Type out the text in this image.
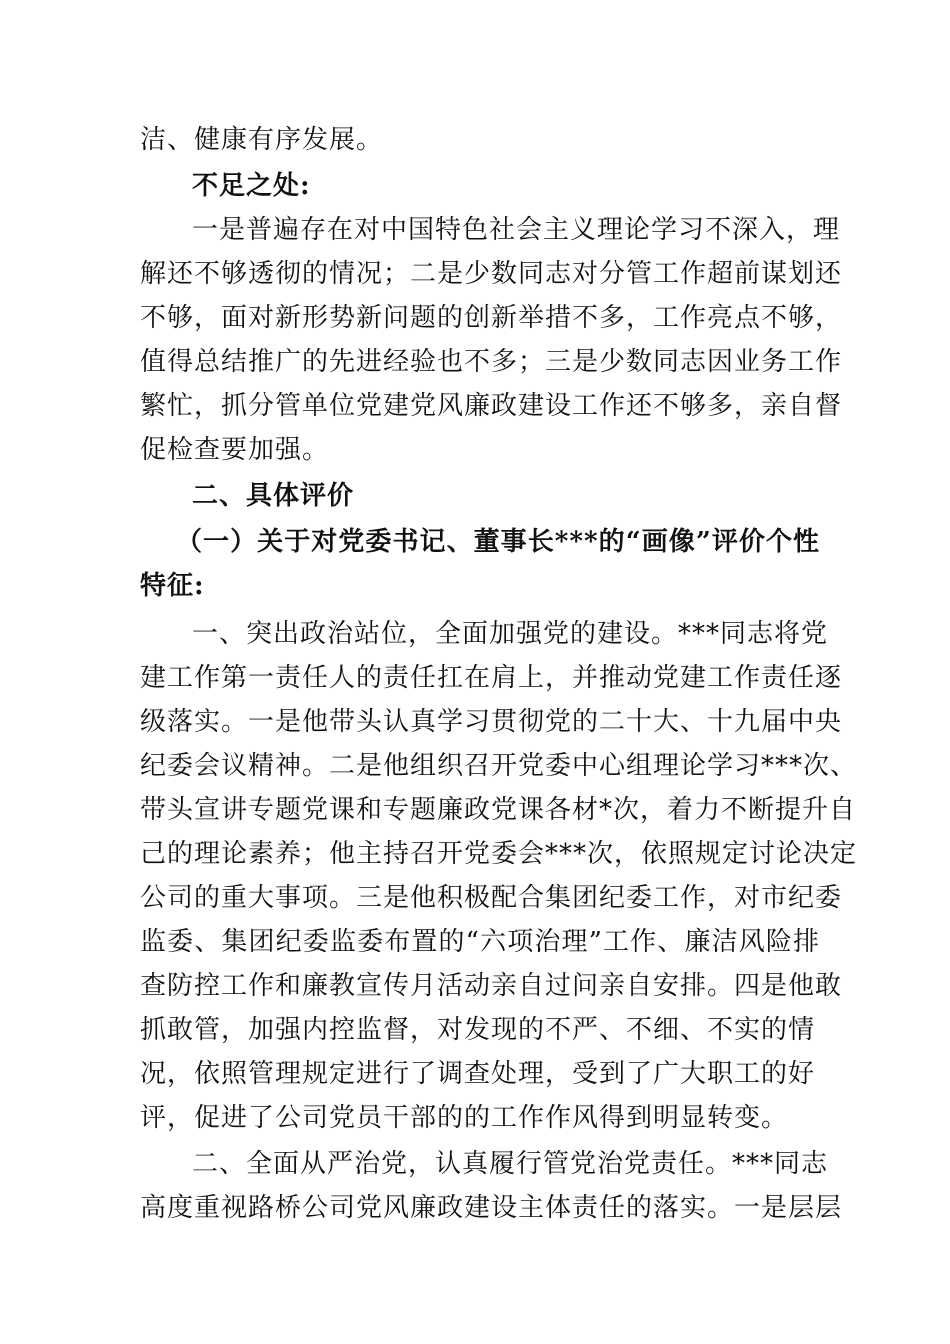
洁、健康有序发展。
不足之处:
一是普遍存在对中国特色社会主义理论学习不深入，理
解还不够透彻的情况；二是少数同志对分管工作超前谋划还
不够，面对新形势新问题的创新举措不多，工作亮点不够，
值得总结推广的先进经验也不多；三是少数同志因业务工作
繁忙，抓分管单位党建党风廉政建设工作还不够多，亲自督
促检查要加强。
二、具体评价
（一）关于对党委书记、董事长***的“画像”评价个性
特征:
一、突出政治站位，全面加强党的建设。***同志将党
建工作第一责任人的责任扛在肩上，并推动党建工作责任逐
级落实。一是他带头认真学习贯彻党的二十大、十九届中央
纪委会议精神。二是他组织召开党委中心组理论学习***次、
带头宣讲专题党课和专题廉政党课各材*次，着力不断提升自
己的理论素养；他主持召开党委会***次，依照规定讨论决定
公司的重大事项。三是他积极配合集团纪委工作，对市纪委
监委、集团纪委监委布置的“六项治理”工作、廉洁风险排
查防控工作和廉教宣传月活动亲自过问亲自安排。四是他敢
抓敢管，加强内控监督，对发现的不严、不细、不实的情
况，依照管理规定进行了调查处理，受到了广大职工的好
评，促进了公司党员干部的的工作作风得到明显转变。
二、全面从严治党，认真履行管党治党责任。***同志
高度重视路桥公司党风廉政建设主体责任的落实。一是层层
